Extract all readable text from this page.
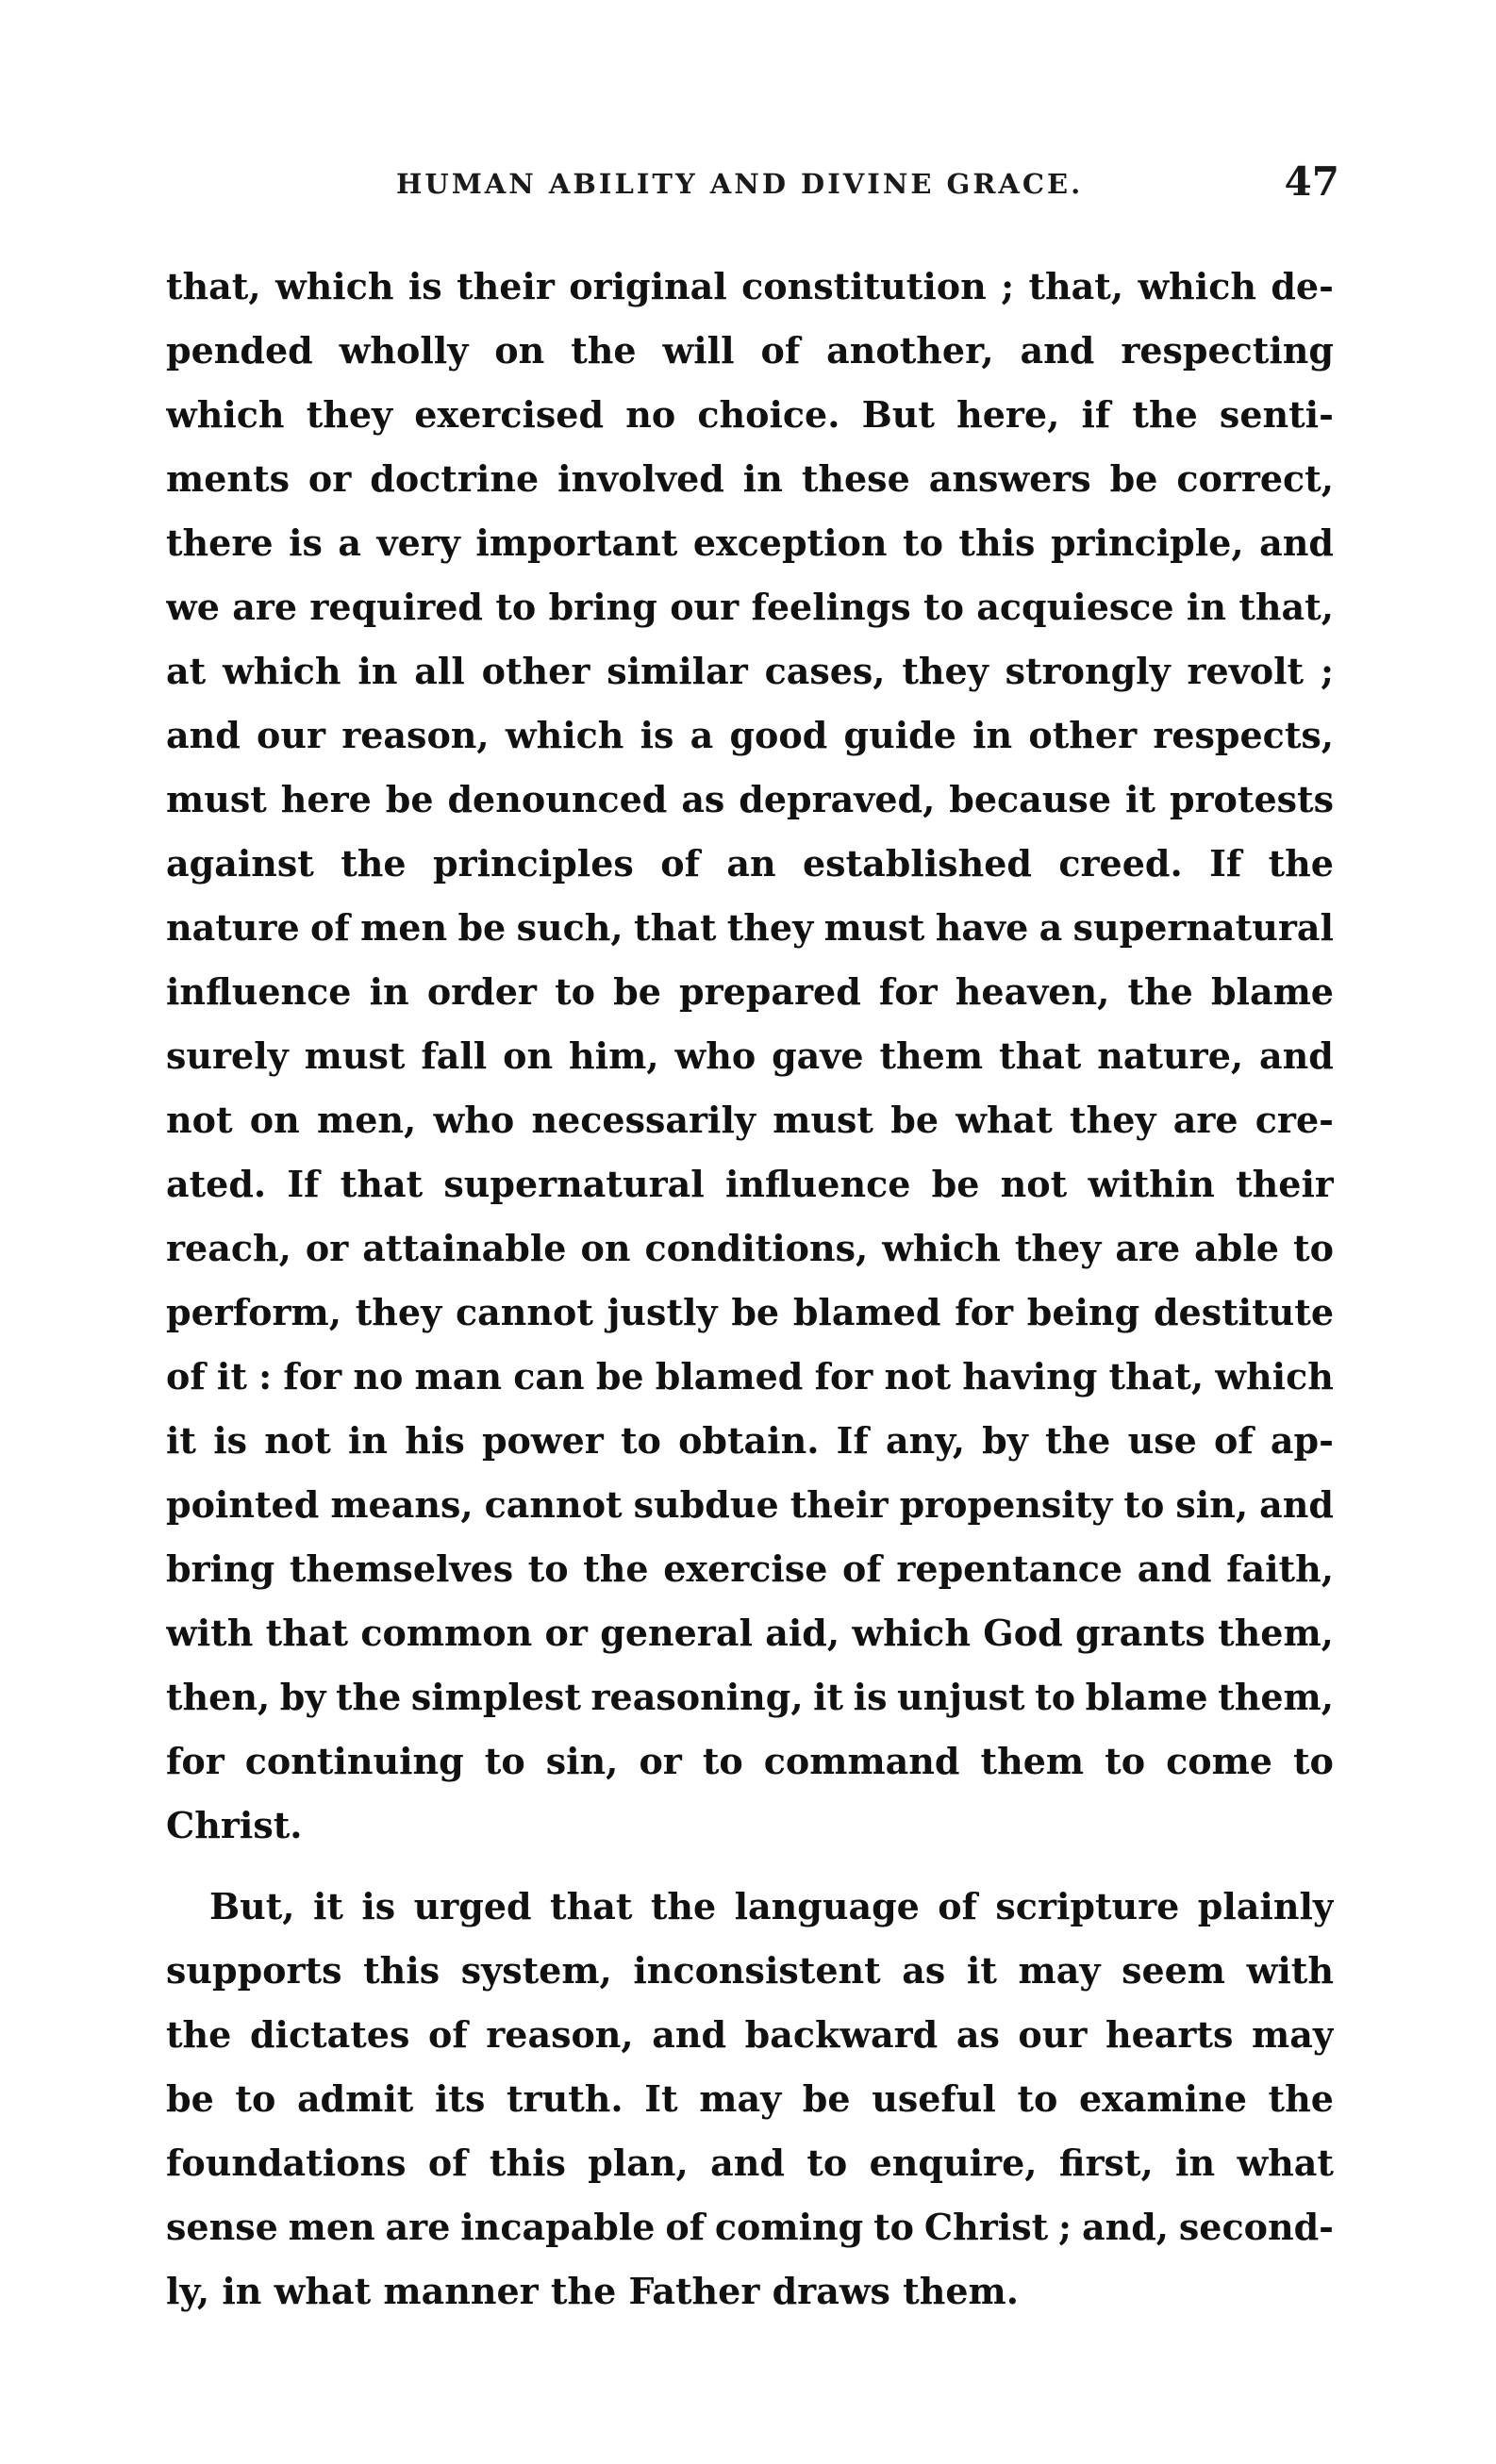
HUMAN ABILITY AND DIVINE GRACE.	47
that, which is their original constitution ; that, which de-
pended wholly on the will of another, and respecting
which they exercised no choice. But here, if the senti-
ments or doctrine involved in these answers be correct,
there is a very important exception to this principle, and
we are required to bring our feelings to acquiesce in that,
at which in all other similar cases, they strongly revolt ;
and our reason, which is a good guide in other respects,
must here be denounced as depraved, because it protests
against the principles of an established creed. If the
nature of men be such, that they must have a supernatural
influence in order to be prepared for heaven, the blame
surely must fall on him, who gave them that nature, and
not on men, who necessarily must be what they are cre-
ated. If that supernatural influence be not within their
reach, or attainable on conditions, which they are able to
perform, they cannot justly be blamed for being destitute
of it : for no man can be blamed for not having that, which
it is not in his power to obtain. If any, by the use of ap-
pointed means, cannot subdue their propensity to sin, and
bring themselves to the exercise of repentance and faith,
with that common or general aid, which God grants them,
then, by the simplest reasoning, it is unjust to blame them,
for continuing to sin, or to command them to come to
Christ.
But, it is urged that the language of scripture plainly
supports this system, inconsistent as it may seem with
the dictates of reason, and backward as our hearts may
be to admit its truth. It may be useful to examine the
foundations of this plan, and to enquire, first, in what
sense men are incapable of coming to Christ ; and, second-
ly, in what manner the Father draws them.
